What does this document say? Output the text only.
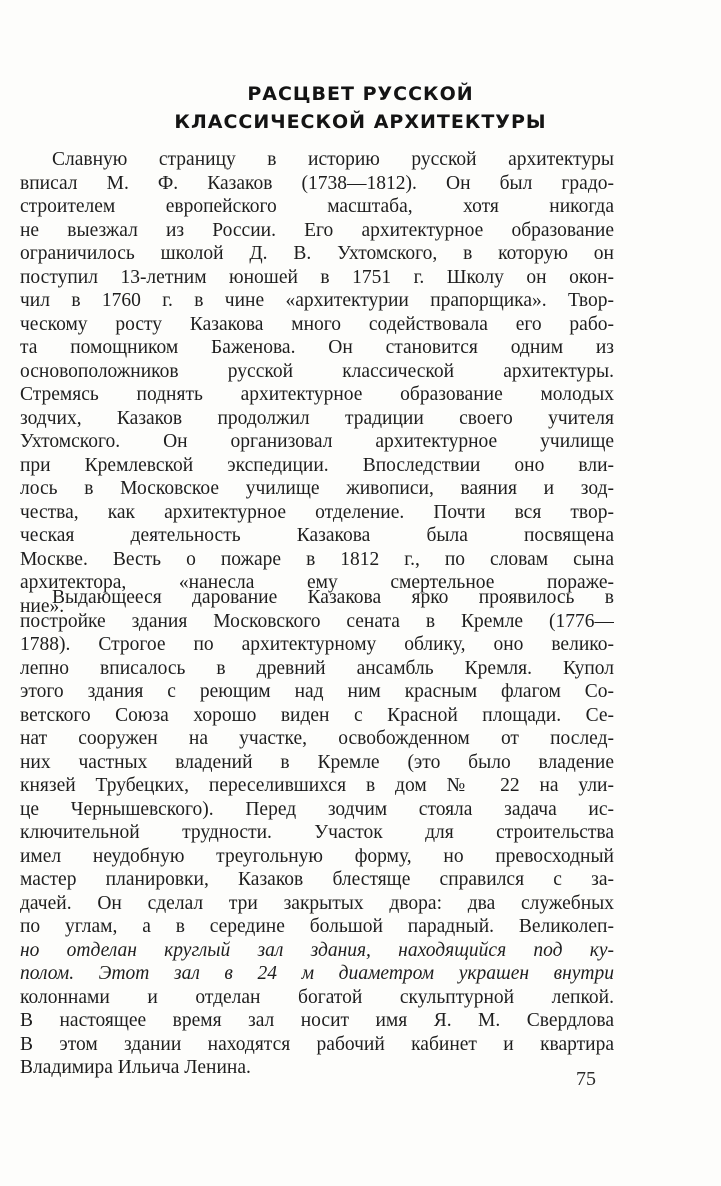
РАСЦВЕТ РУССКОЙ
КЛАССИЧЕСКОЙ АРХИТЕКТУРЫ
Славную страницу в историю русской архитектуры
вписал М. Ф. Казаков (1738—1812). Он был градо-
строителем европейского масштаба, хотя никогда
не выезжал из России. Его архитектурное образование
ограничилось школой Д. В. Ухтомского, в которую он
поступил 13-летним юношей в 1751 г. Школу он окон-
чил в 1760 г. в чине «архитектурии прапорщика». Твор-
ческому росту Казакова много содействовала его рабо-
та помощником Баженова. Он становится одним из
основоположников русской классической архитектуры.
Стремясь поднять архитектурное образование молодых
зодчих, Казаков продолжил традиции своего учителя
Ухтомского. Он организовал архитектурное училище
при Кремлевской экспедиции. Впоследствии оно вли-
лось в Московское училище живописи, ваяния и зод-
чества, как архитектурное отделение. Почти вся твор-
ческая деятельность Казакова была посвящена
Москве. Весть о пожаре в 1812 г., по словам сына
архитектора, «нанесла ему смертельное пораже-
ние».
Выдающееся дарование Казакова ярко проявилось в
постройке здания Московского сената в Кремле (1776—
1788). Строгое по архитектурному облику, оно велико-
лепно вписалось в древний ансамбль Кремля. Купол
этого здания с реющим над ним красным флагом Со-
ветского Союза хорошо виден с Красной площади. Се-
нат сооружен на участке, освобожденном от послед-
них частных владений в Кремле (это было владение
князей Трубецких, переселившихся в дом № 22 на ули-
це Чернышевского). Перед зодчим стояла задача ис-
ключительной трудности. Участок для строительства
имел неудобную треугольную форму, но превосходный
мастер планировки, Казаков блестяще справился с за-
дачей. Он сделал три закрытых двора: два служебных
по углам, а в середине большой парадный. Великолеп-
но отделан круглый зал здания, находящийся под ку-
полом. Этот зал в 24 м диаметром украшен внутри
колоннами и отделан богатой скульптурной лепкой.
В настоящее время зал носит имя Я. М. Свердлова
В этом здании находятся рабочий кабинет и квартира
Владимира Ильича Ленина.
75
